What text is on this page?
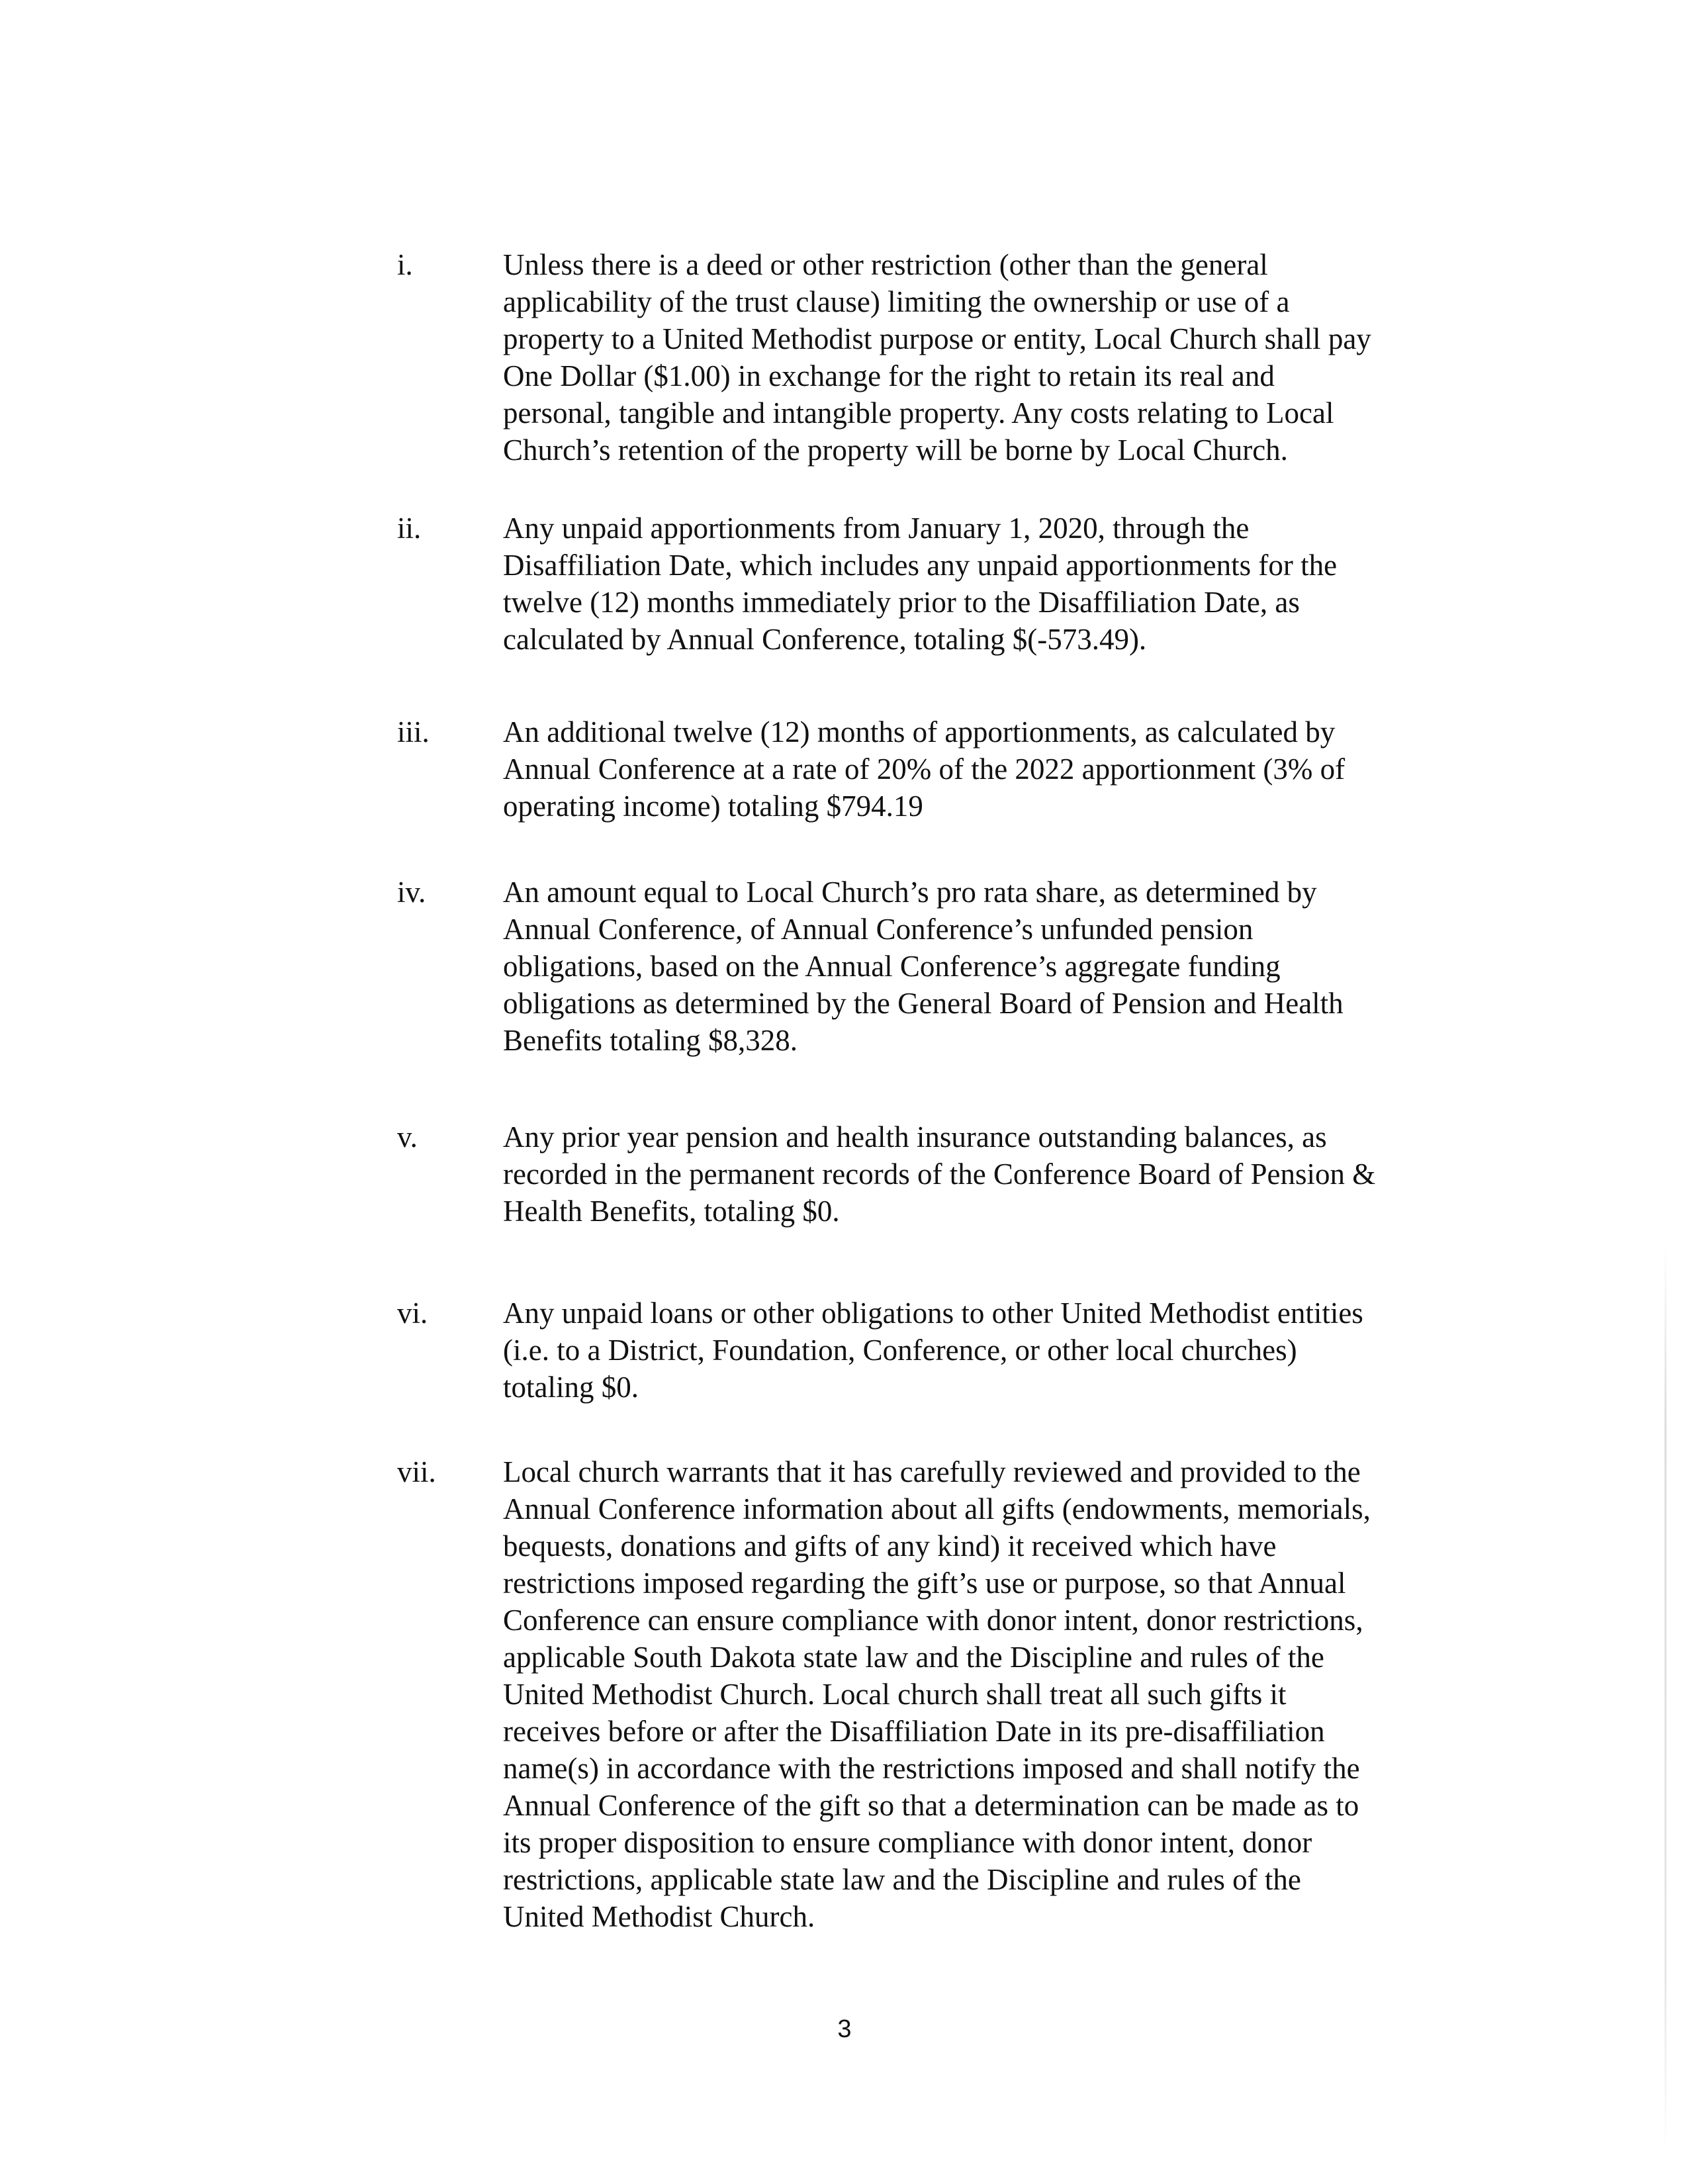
i.	Unless there is a deed or other restriction (other than the general
applicability of the trust clause) limiting the ownership or use of a
property to a United Methodist purpose or entity, Local Church shall pay
One Dollar ($1.00) in exchange for the right to retain its real and
personal, tangible and intangible property. Any costs relating to Local
Church’s retention of the property will be borne by Local Church.
ii.	Any unpaid apportionments from January 1, 2020, through the
Disaffiliation Date, which includes any unpaid apportionments for the
twelve (12) months immediately prior to the Disaffiliation Date, as
calculated by Annual Conference, totaling $(-573.49).
iii. An additional twelve (12) months of apportionments, as calculated by
Annual Conference at a rate of 20% of the 2022 apportionment (3% of
operating income) totaling $794.19
iv.	An amount equal to Local Church’s pro rata share, as determined by
Annual Conference, of Annual Conference’s unfunded pension
obligations, based on the Annual Conference’s aggregate funding
obligations as determined by the General Board of Pension and Health
Benefits totaling $8,328.
v.	Any prior year pension and health insurance outstanding balances, as
recorded in the permanent records of the Conference Board of Pension &
Health Benefits, totaling $0.
vi.	Any unpaid loans or other obligations to other United Methodist entities
(i.e. to a District, Foundation, Conference, or other local churches)
totaling $0.
vii. Local church warrants that it has carefully reviewed and provided to the
Annual Conference information about all gifts (endowments, memorials,
bequests, donations and gifts of any kind) it received which have
restrictions imposed regarding the gift’s use or purpose, so that Annual
Conference can ensure compliance with donor intent, donor restrictions,
applicable South Dakota state law and the Discipline and rules of the
United Methodist Church. Local church shall treat all such gifts it
receives before or after the Disaffiliation Date in its pre-disaffiliation
name(s) in accordance with the restrictions imposed and shall notify the
Annual Conference of the gift so that a determination can be made as to
its proper disposition to ensure compliance with donor intent, donor
restrictions, applicable state law and the Discipline and rules of the
United Methodist Church.
3
